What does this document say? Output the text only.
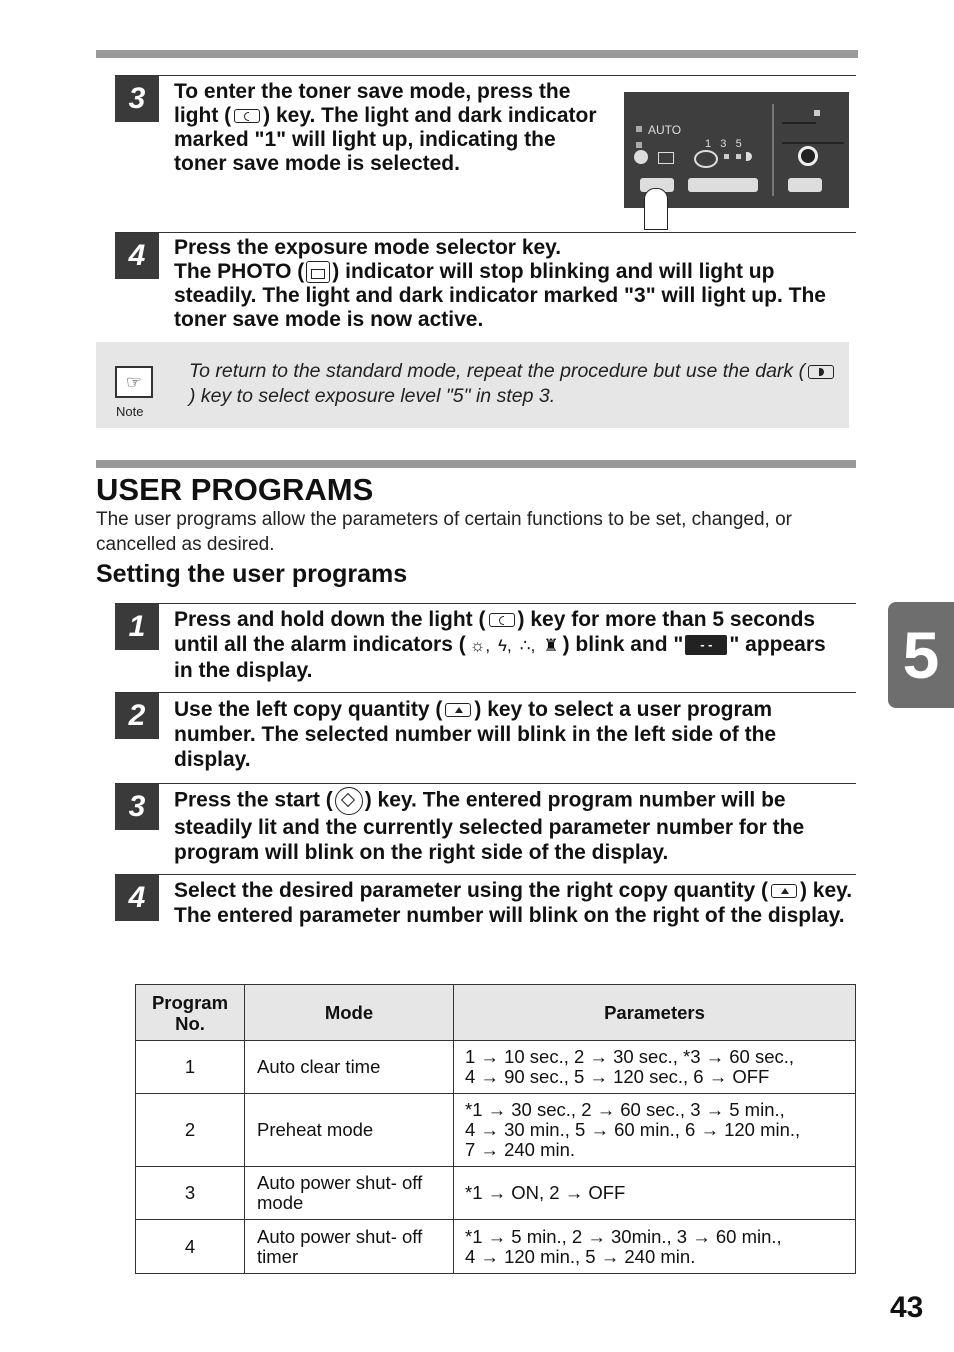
3	To enter the toner save mode, press the light ( ) key. The light and dark indicator marked "1" will light up, indicating the toner save mode is selected.
AUTO
1   3   5
4	Press the exposure mode selector key.
The PHOTO ( ) indicator will stop blinking and will light up steadily. The light and dark indicator marked "3" will light up. The toner save mode is now active.
☞
Note
To return to the standard mode, repeat the procedure but use the dark () key to select exposure level "5" in step 3.
USER PROGRAMS
The user programs allow the parameters of certain functions to be set, changed, or cancelled as desired.
Setting the user programs
1	Press and hold down the light ( ) key for more than 5 seconds until all the alarm indicators ( ☼, ϟ, ∴, ♜ ) blink and " - - " appears in the display.
2	Use the left copy quantity ( ) key to select a user program number. The selected number will blink in the left side of the display.
3	Press the start ( ) key. The entered program number will be steadily lit and the currently selected parameter number for the program will blink on the right side of the display.
4	Select the desired parameter using the right copy quantity ( ) key. The entered parameter number will blink on the right of the display.
5
Program No.	Mode	Parameters
1	Auto clear time	1 → 10 sec., 2 → 30 sec., *3 → 60 sec.,
4 → 90 sec., 5 → 120 sec., 6 → OFF

2	Preheat mode	*1 → 30 sec., 2 → 60 sec., 3 → 5 min.,
4 → 30 min., 5 → 60 min., 6 → 120 min.,
7 → 240 min.

3	Auto power shut- off mode	*1 → ON, 2 → OFF

4	Auto power shut- off timer	*1 → 5 min., 2 → 30min., 3 → 60 min.,
4 → 120 min., 5 → 240 min.
43
